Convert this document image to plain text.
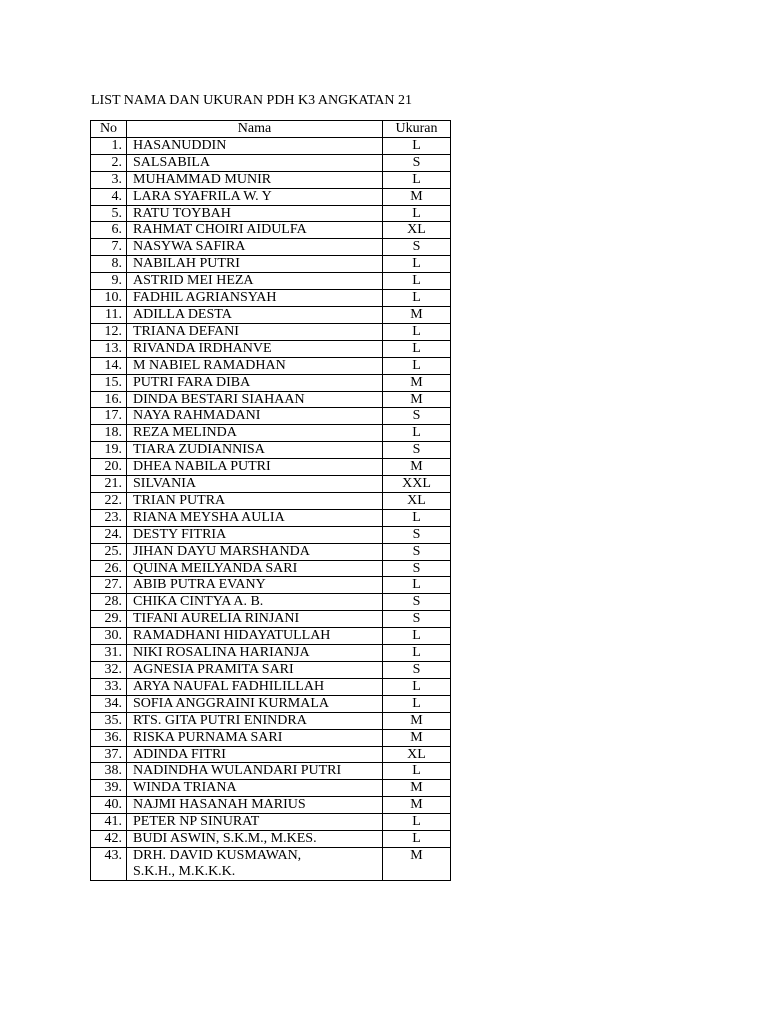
LIST NAMA DAN UKURAN PDH K3 ANGKATAN 21
No	Nama	Ukuran
1.	HASANUDDIN	L
2.	SALSABILA	S
3.	MUHAMMAD MUNIR	L
4.	LARA SYAFRILA W. Y	M
5.	RATU TOYBAH	L
6.	RAHMAT CHOIRI AIDULFA	XL
7.	NASYWA SAFIRA	S
8.	NABILAH PUTRI	L
9.	ASTRID MEI HEZA	L
10.	FADHIL AGRIANSYAH	L
11.	ADILLA DESTA	M
12.	TRIANA DEFANI	L
13.	RIVANDA IRDHANVE	L
14.	M NABIEL RAMADHAN	L
15.	PUTRI FARA DIBA	M
16.	DINDA BESTARI SIAHAAN	M
17.	NAYA RAHMADANI	S
18.	REZA MELINDA	L
19.	TIARA ZUDIANNISA	S
20.	DHEA NABILA PUTRI	M
21.	SILVANIA	XXL
22.	TRIAN PUTRA	XL
23.	RIANA MEYSHA AULIA	L
24.	DESTY FITRIA	S
25.	JIHAN DAYU MARSHANDA	S
26.	QUINA MEILYANDA SARI	S
27.	ABIB PUTRA EVANY	L
28.	CHIKA CINTYA A. B.	S
29.	TIFANI AURELIA RINJANI	S
30.	RAMADHANI HIDAYATULLAH	L
31.	NIKI ROSALINA HARIANJA	L
32.	AGNESIA PRAMITA SARI	S
33.	ARYA NAUFAL FADHILILLAH	L
34.	SOFIA ANGGRAINI KURMALA	L
35.	RTS. GITA PUTRI ENINDRA	M
36.	RISKA PURNAMA SARI	M
37.	ADINDA FITRI	XL
38.	NADINDHA WULANDARI PUTRI	L
39.	WINDA TRIANA	M
40.	NAJMI HASANAH MARIUS	M
41.	PETER NP SINURAT	L
42.	BUDI ASWIN, S.K.M., M.KES.	L
43.	DRH. DAVID KUSMAWAN,
S.K.H., M.K.K.K.	M
